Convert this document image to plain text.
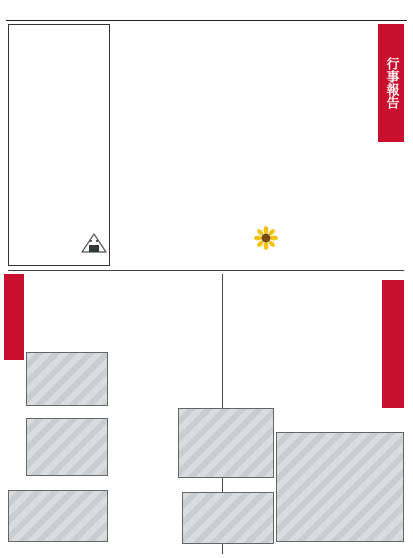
行事報告
